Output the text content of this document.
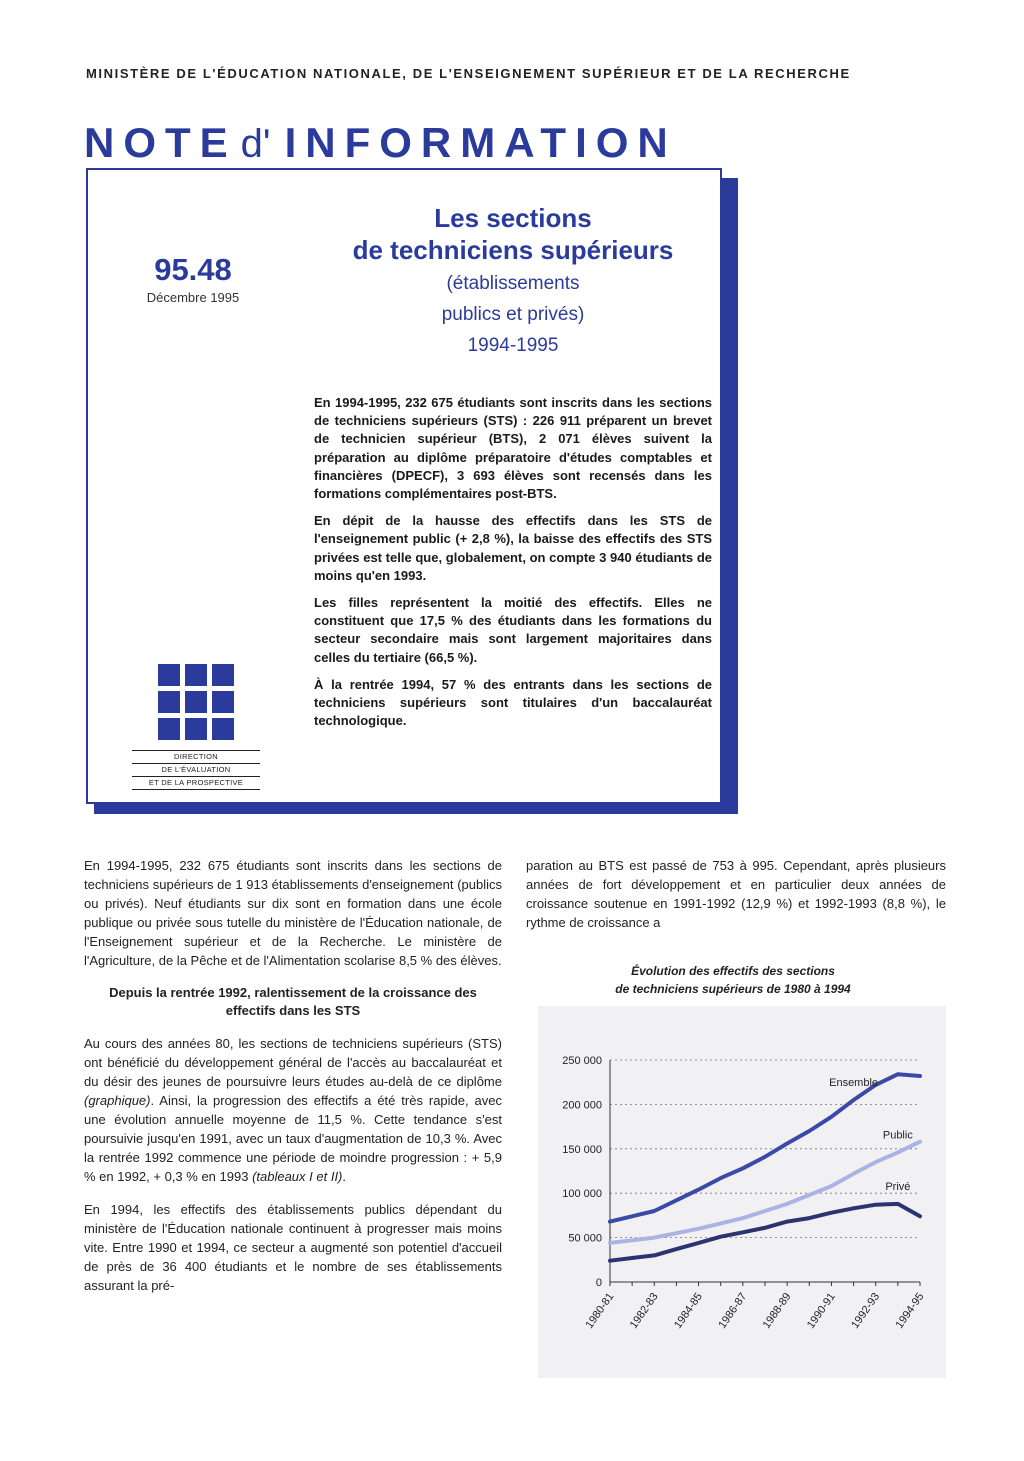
MINISTÈRE DE L'ÉDUCATION NATIONALE, DE L'ENSEIGNEMENT SUPÉRIEUR ET DE LA RECHERCHE
NOTE d' INFORMATION
95.48
Décembre 1995
Les sections
de techniciens supérieurs
(établissements
publics et privés)
1994-1995

En 1994-1995, 232 675 étudiants sont inscrits dans les sections de techniciens supérieurs (STS) : 226 911 préparent un brevet de technicien supérieur (BTS), 2 071 élèves suivent la préparation au diplôme préparatoire d'études comptables et financières (DPECF), 3 693 élèves sont recensés dans les formations complémentaires post-BTS.

En dépit de la hausse des effectifs dans les STS de l'enseignement public (+ 2,8 %), la baisse des effectifs des STS privées est telle que, globalement, on compte 3 940 étudiants de moins qu'en 1993.

Les filles représentent la moitié des effectifs. Elles ne constituent que 17,5 % des étudiants dans les formations du secteur secondaire mais sont largement majoritaires dans celles du tertiaire (66,5 %).

À la rentrée 1994, 57 % des entrants dans les sections de techniciens supérieurs sont titulaires d'un baccalauréat technologique.

DIRECTION
DE L'ÉVALUATION
ET DE LA PROSPECTIVE

En 1994-1995, 232 675 étudiants sont inscrits dans les sections de techniciens supérieurs de 1 913 établissements d'enseignement (publics ou privés). Neuf étudiants sur dix sont en formation dans une école publique ou privée sous tutelle du ministère de l'Éducation nationale, de l'Enseignement supérieur et de la Recherche. Le ministère de l'Agriculture, de la Pêche et de l'Alimentation scolarise 8,5 % des élèves.

Depuis la rentrée 1992, ralentissement de la croissance des effectifs dans les STS

Au cours des années 80, les sections de techniciens supérieurs (STS) ont bénéficié du développement général de l'accès au baccalauréat et du désir des jeunes de poursuivre leurs études au-delà de ce diplôme (graphique). Ainsi, la progression des effectifs a été très rapide, avec une évolution annuelle moyenne de 11,5 %. Cette tendance s'est poursuivie jusqu'en 1991, avec un taux d'augmentation de 10,3 %. Avec la rentrée 1992 commence une période de moindre progression : + 5,9 % en 1992, + 0,3 % en 1993 (tableaux I et II).

En 1994, les effectifs des établissements publics dépendant du ministère de l'Éducation nationale continuent à progresser mais moins vite. Entre 1990 et 1994, ce secteur a augmenté son potentiel d'accueil de près de 36 400 étudiants et le nombre de ses établissements assurant la pré-

paration au BTS est passé de 753 à 995. Cependant, après plusieurs années de fort développement et en particulier deux années de croissance soutenue en 1991-1992 (12,9 %) et 1992-1993 (8,8 %), le rythme de croissance a

Évolution des effectifs des sections
de techniciens supérieurs de 1980 à 1994
0
50 000
100 000
150 000
200 000
250 000
1980-81 1982-83 1984-85 1986-87 1988-89 1990-91 1992-93 1994-95
Ensemble
Public
Privé
